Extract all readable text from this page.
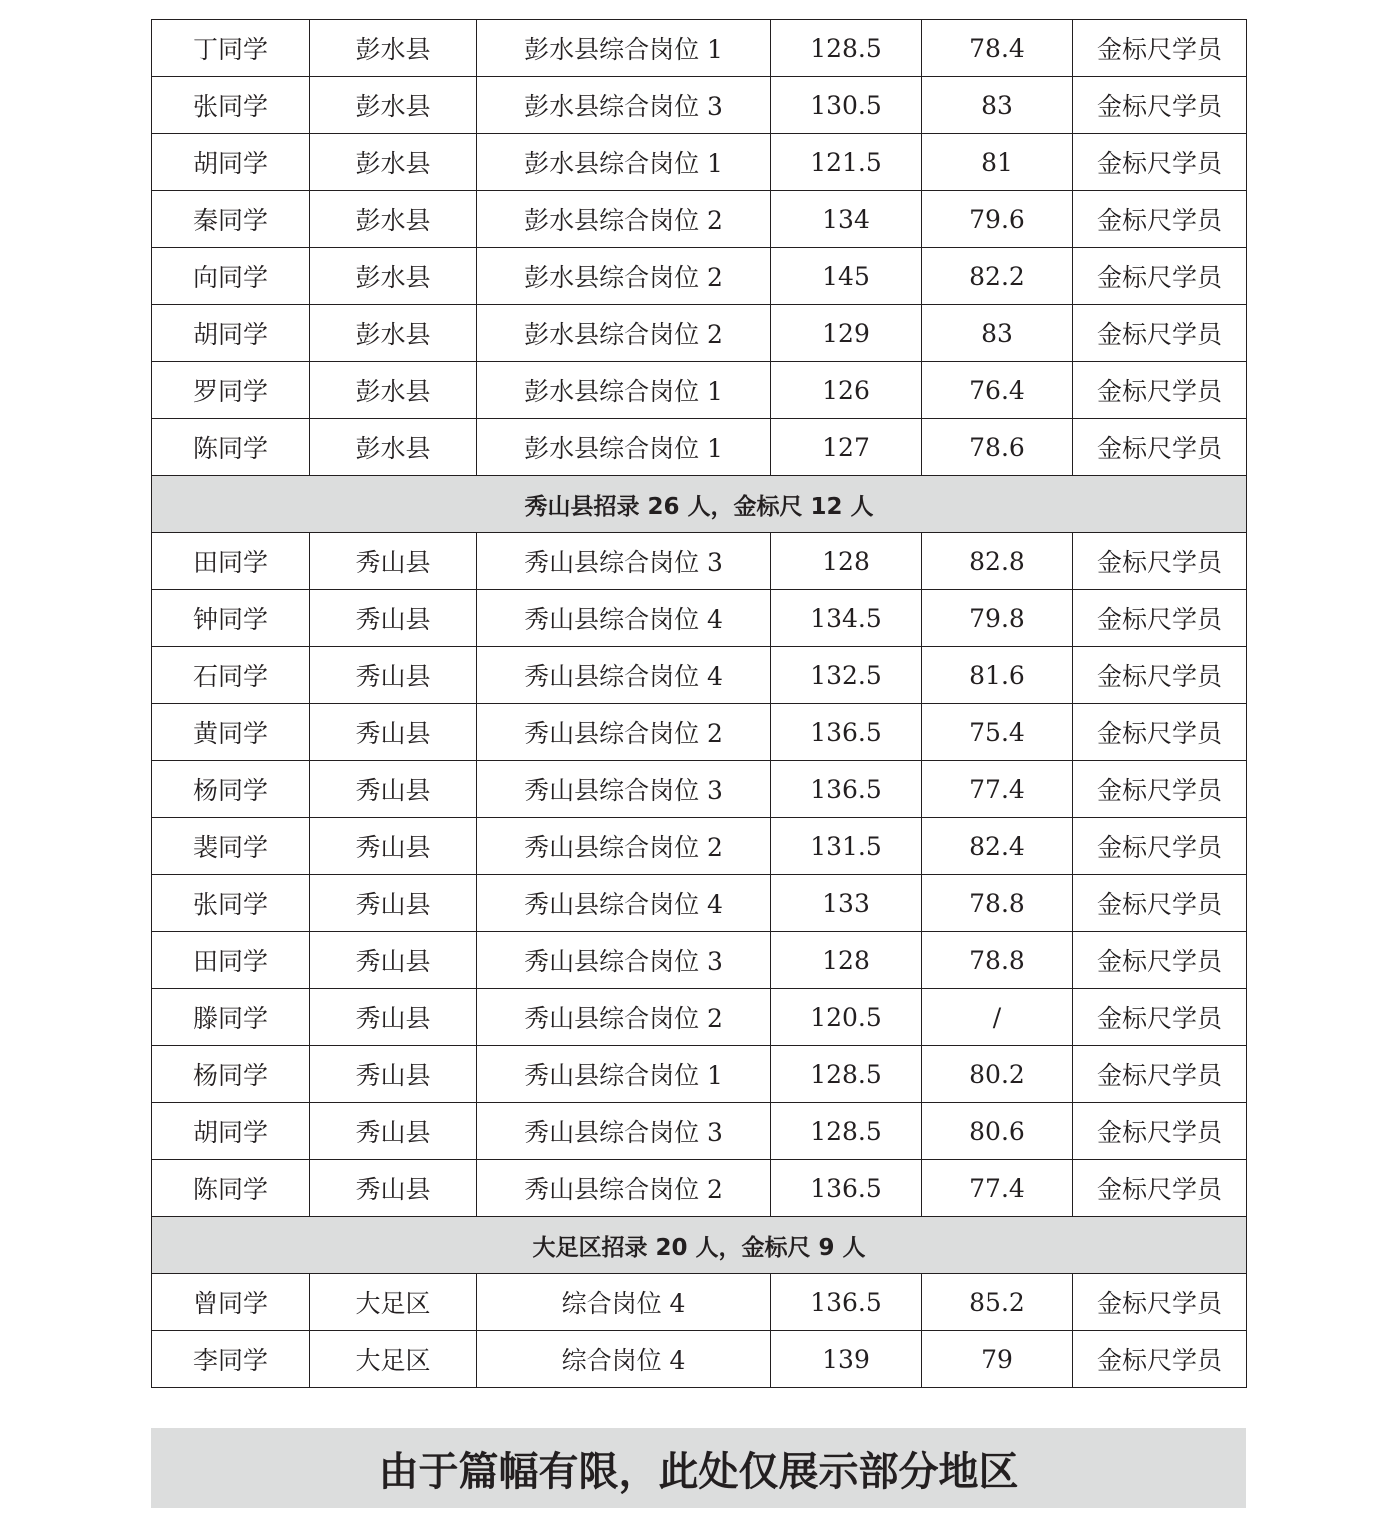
丁同学	彭水县	彭水县综合岗位 1	128.5	78.4	金标尺学员
张同学	彭水县	彭水县综合岗位 3	130.5	83	金标尺学员
胡同学	彭水县	彭水县综合岗位 1	121.5	81	金标尺学员
秦同学	彭水县	彭水县综合岗位 2	134	79.6	金标尺学员
向同学	彭水县	彭水县综合岗位 2	145	82.2	金标尺学员
胡同学	彭水县	彭水县综合岗位 2	129	83	金标尺学员
罗同学	彭水县	彭水县综合岗位 1	126	76.4	金标尺学员
陈同学	彭水县	彭水县综合岗位 1	127	78.6	金标尺学员
秀山县招录 26 人，金标尺 12 人					
田同学	秀山县	秀山县综合岗位 3	128	82.8	金标尺学员
钟同学	秀山县	秀山县综合岗位 4	134.5	79.8	金标尺学员
石同学	秀山县	秀山县综合岗位 4	132.5	81.6	金标尺学员
黄同学	秀山县	秀山县综合岗位 2	136.5	75.4	金标尺学员
杨同学	秀山县	秀山县综合岗位 3	136.5	77.4	金标尺学员
裴同学	秀山县	秀山县综合岗位 2	131.5	82.4	金标尺学员
张同学	秀山县	秀山县综合岗位 4	133	78.8	金标尺学员
田同学	秀山县	秀山县综合岗位 3	128	78.8	金标尺学员
滕同学	秀山县	秀山县综合岗位 2	120.5	/	金标尺学员
杨同学	秀山县	秀山县综合岗位 1	128.5	80.2	金标尺学员
胡同学	秀山县	秀山县综合岗位 3	128.5	80.6	金标尺学员
陈同学	秀山县	秀山县综合岗位 2	136.5	77.4	金标尺学员
大足区招录 20 人，金标尺 9 人					
曾同学	大足区	综合岗位 4	136.5	85.2	金标尺学员
李同学	大足区	综合岗位 4	139	79	金标尺学员
由于篇幅有限，此处仅展示部分地区
